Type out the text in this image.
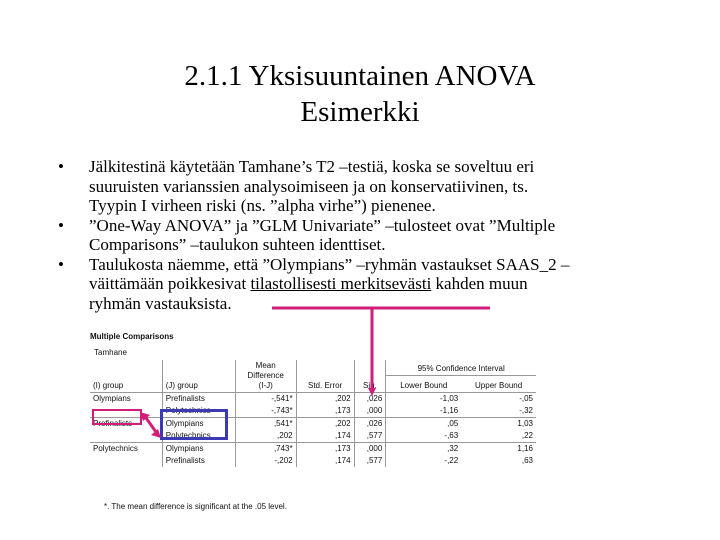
2.1.1 Yksisuuntainen ANOVA
Esimerkki
• Jälkitestinä käytetään Tamhane’s T2 –testiä, koska se soveltuu eri
suuruisten varianssien analysoimiseen ja on konservatiivinen, ts.
Tyypin I virheen riski (ns. ”alpha virhe”) pienenee.
• ”One-Way ANOVA” ja ”GLM Univariate” –tulosteet ovat ”Multiple
Comparisons” –taulukon suhteen identtiset.
• Taulukosta näemme, että ”Olympians” –ryhmän vastaukset SAAS_2 –
väittämään poikkesivat tilastollisesti merkitsevästi kahden muun
ryhmän vastauksista.
Multiple Comparisons
Tamhane
(I) group	(J) group	Mean
Difference
(I-J)	Std. Error	Sig.	95% Confidence Interval	
					Lower Bound	Upper Bound
Olympians	Prefinalists	-,541*	,202	,026	-1,03	-,05
	Polytechnics	-,743*	,173	,000	-1,16	-,32
Prefinalists	Olympians	,541*	,202	,026	,05	1,03
	Polytechnics	,202	,174	,577	-,63	,22
Polytechnics	Olympians	,743*	,173	,000	,32	1,16
	Prefinalists	-,202	,174	,577	-,22	,63
*. The mean difference is significant at the .05 level.
